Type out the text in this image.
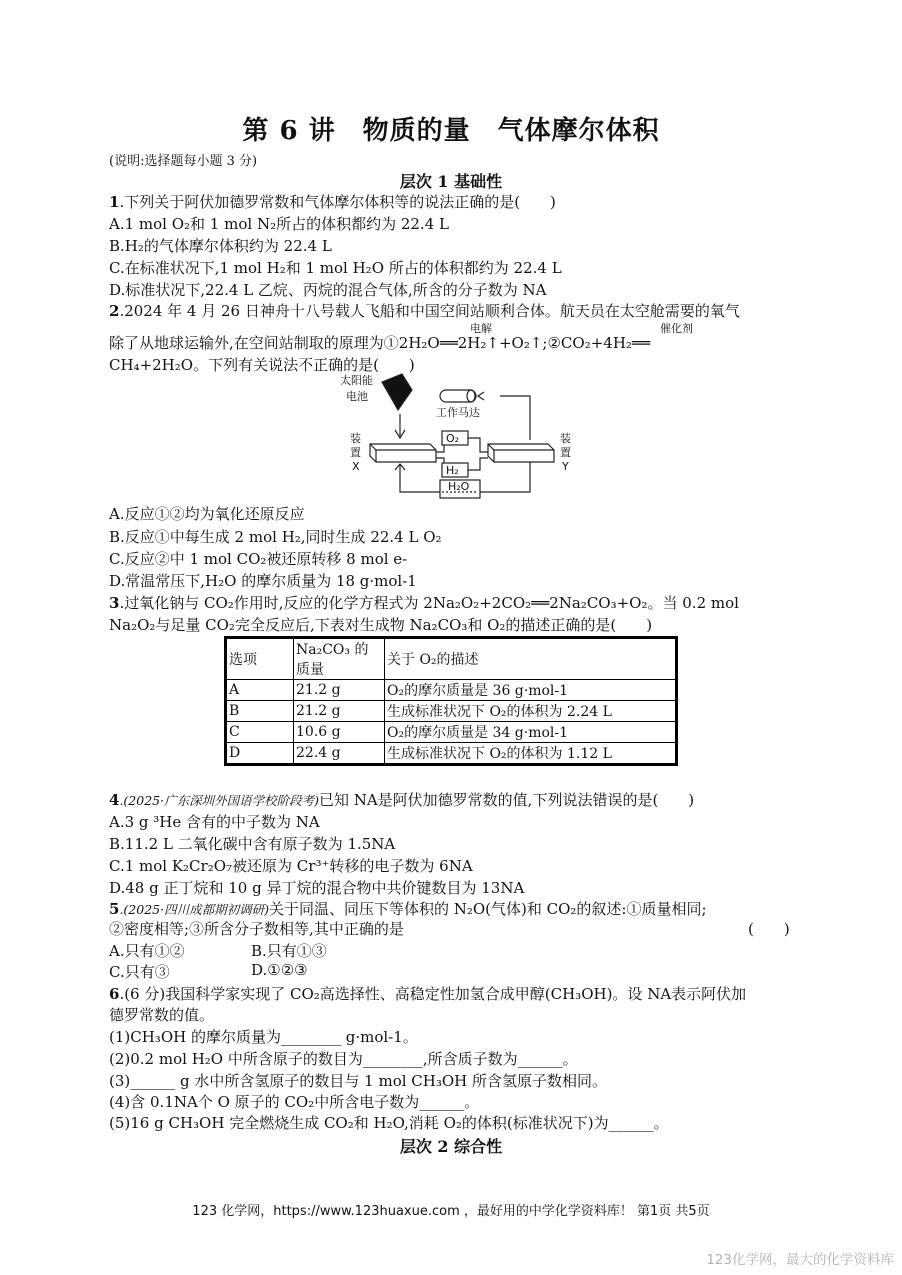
第 6 讲　物质的量　气体摩尔体积
(说明:选择题每小题 3 分)
层次 1 基础性
1.下列关于阿伏加德罗常数和气体摩尔体积等的说法正确的是(　　)
A.1 mol O₂和 1 mol N₂所占的体积都约为 22.4 L
B.H₂的气体摩尔体积约为 22.4 L
C.在标准状况下,1 mol H₂和 1 mol H₂O 所占的体积都约为 22.4 L
D.标准状况下,22.4 L 乙烷、丙烷的混合气体,所含的分子数为 NA
2.2024 年 4 月 26 日神舟十八号载人飞船和中国空间站顺利合体。航天员在太空舱需要的氧气
电解	催化剂
除了从地球运输外,在空间站制取的原理为①2H₂O══2H₂↑+O₂↑;②CO₂+4H₂══
CH₄+2H₂O。下列有关说法不正确的是(　　)
太阳能
电池
工作马达
装
置
X
装
置
Y
O₂
H₂
H₂O
A.反应①②均为氧化还原反应
B.反应①中每生成 2 mol H₂,同时生成 22.4 L O₂
C.反应②中 1 mol CO₂被还原转移 8 mol e-
D.常温常压下,H₂O 的摩尔质量为 18 g·mol-1
3.过氧化钠与 CO₂作用时,反应的化学方程式为 2Na₂O₂+2CO₂══2Na₂CO₃+O₂。当 0.2 mol
Na₂O₂与足量 CO₂完全反应后,下表对生成物 Na₂CO₃和 O₂的描述正确的是(　　)
选项	Na₂CO₃ 的质量	关于 O₂的描述
A	21.2 g	O₂的摩尔质量是 36 g·mol-1
B	21.2 g	生成标准状况下 O₂的体积为 2.24 L
C	10.6 g	O₂的摩尔质量是 34 g·mol-1
D	22.4 g	生成标准状况下 O₂的体积为 1.12 L
4.(2025·广东深圳外国语学校阶段考)已知 NA是阿伏加德罗常数的值,下列说法错误的是(　　)
A.3 g ³He 含有的中子数为 NA
B.11.2 L 二氧化碳中含有原子数为 1.5NA
C.1 mol K₂Cr₂O₇被还原为 Cr³⁺转移的电子数为 6NA
D.48 g 正丁烷和 10 g 异丁烷的混合物中共价键数目为 13NA
5.(2025·四川成都期初调研)关于同温、同压下等体积的 N₂O(气体)和 CO₂的叙述:①质量相同;
②密度相等;③所含分子数相等,其中正确的是	(　　)
A.只有①②	B.只有①③
C.只有③	D.①②③
6.(6 分)我国科学家实现了 CO₂高选择性、高稳定性加氢合成甲醇(CH₃OH)。设 NA表示阿伏加
德罗常数的值。
(1)CH₃OH 的摩尔质量为________ g·mol-1。
(2)0.2 mol H₂O 中所含原子的数目为________,所含质子数为______。
(3)______ g 水中所含氢原子的数目与 1 mol CH₃OH 所含氢原子数相同。
(4)含 0.1NA个 O 原子的 CO₂中所含电子数为______。
(5)16 g CH₃OH 完全燃烧生成 CO₂和 H₂O,消耗 O₂的体积(标准状况下)为______。
层次 2 综合性
123 化学网，https://www.123huaxue.com ，最好用的中学化学资料库！ 第1页 共5页
123化学网，最大的化学资料库
